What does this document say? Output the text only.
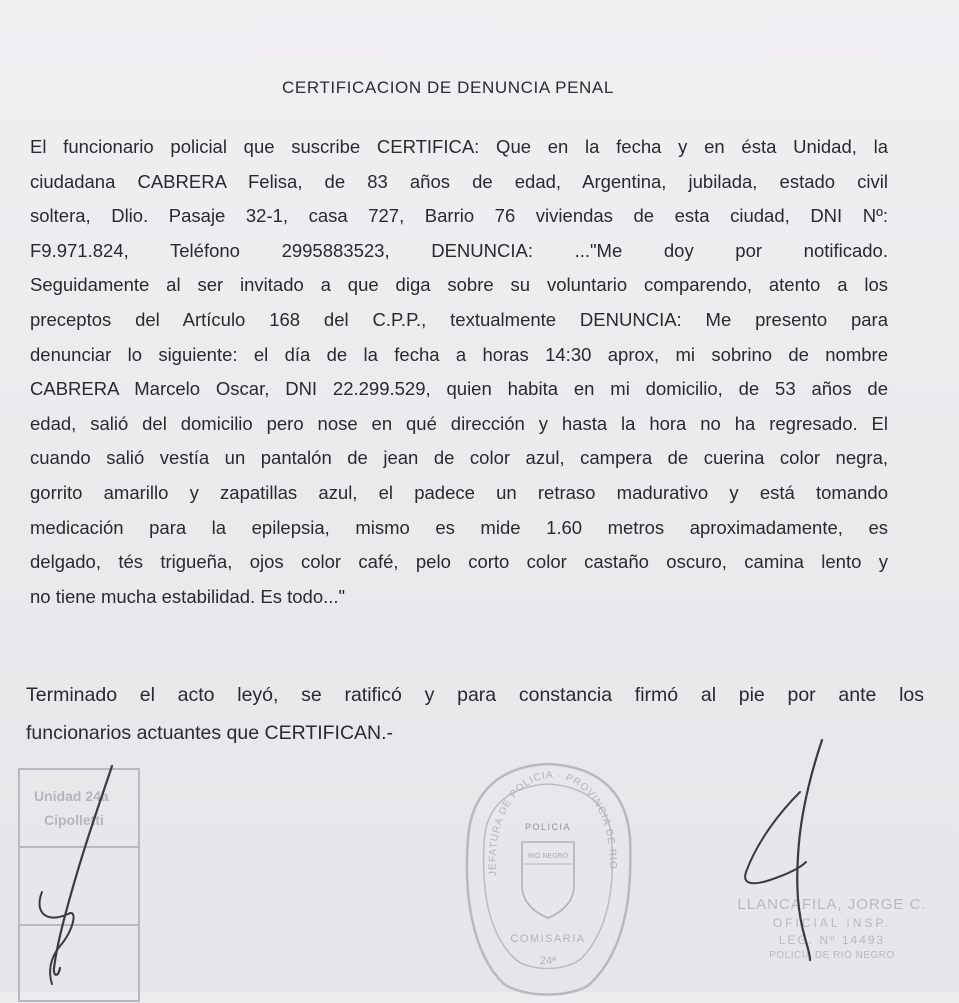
CERTIFICACION DE DENUNCIA PENAL
El funcionario policial que suscribe CERTIFICA: Que en la fecha y en ésta Unidad, la
ciudadana CABRERA Felisa, de 83 años de edad, Argentina, jubilada, estado civil
soltera, Dlio. Pasaje 32-1, casa 727, Barrio 76 viviendas de esta ciudad, DNI Nº:
F9.971.824, Teléfono 2995883523, DENUNCIA: ..."Me doy por notificado.
Seguidamente al ser invitado a que diga sobre su voluntario comparendo, atento a los
preceptos del Artículo 168 del C.P.P., textualmente DENUNCIA: Me presento para
denunciar lo siguiente: el día de la fecha a horas 14:30 aprox, mi sobrino de nombre
CABRERA Marcelo Oscar, DNI 22.299.529, quien habita en mi domicilio, de 53 años de
edad, salió del domicilio pero nose en qué dirección y hasta la hora no ha regresado. El
cuando salió vestía un pantalón de jean de color azul, campera de cuerina color negra,
gorrito amarillo y zapatillas azul, el padece un retraso madurativo y está tomando
medicación para la epilepsia, mismo es mide 1.60 metros aproximadamente, es
delgado, tés trigueña, ojos color café, pelo corto color castaño oscuro, camina lento y
no tiene mucha estabilidad. Es todo..."
Terminado el acto leyó, se ratificó y para constancia firmó al pie por ante los
funcionarios actuantes que CERTIFICAN.-
Unidad 24a
Cipolletti
JEFATURA DE POLICIA · PROVINCIA DE RIO
POLICIA
RIO NEGRO
COMISARIA
24ª
LLANCAFILA, JORGE C.
OFICIAL INSP.
LEG. Nº 14493
POLICIA DE RIO NEGRO
